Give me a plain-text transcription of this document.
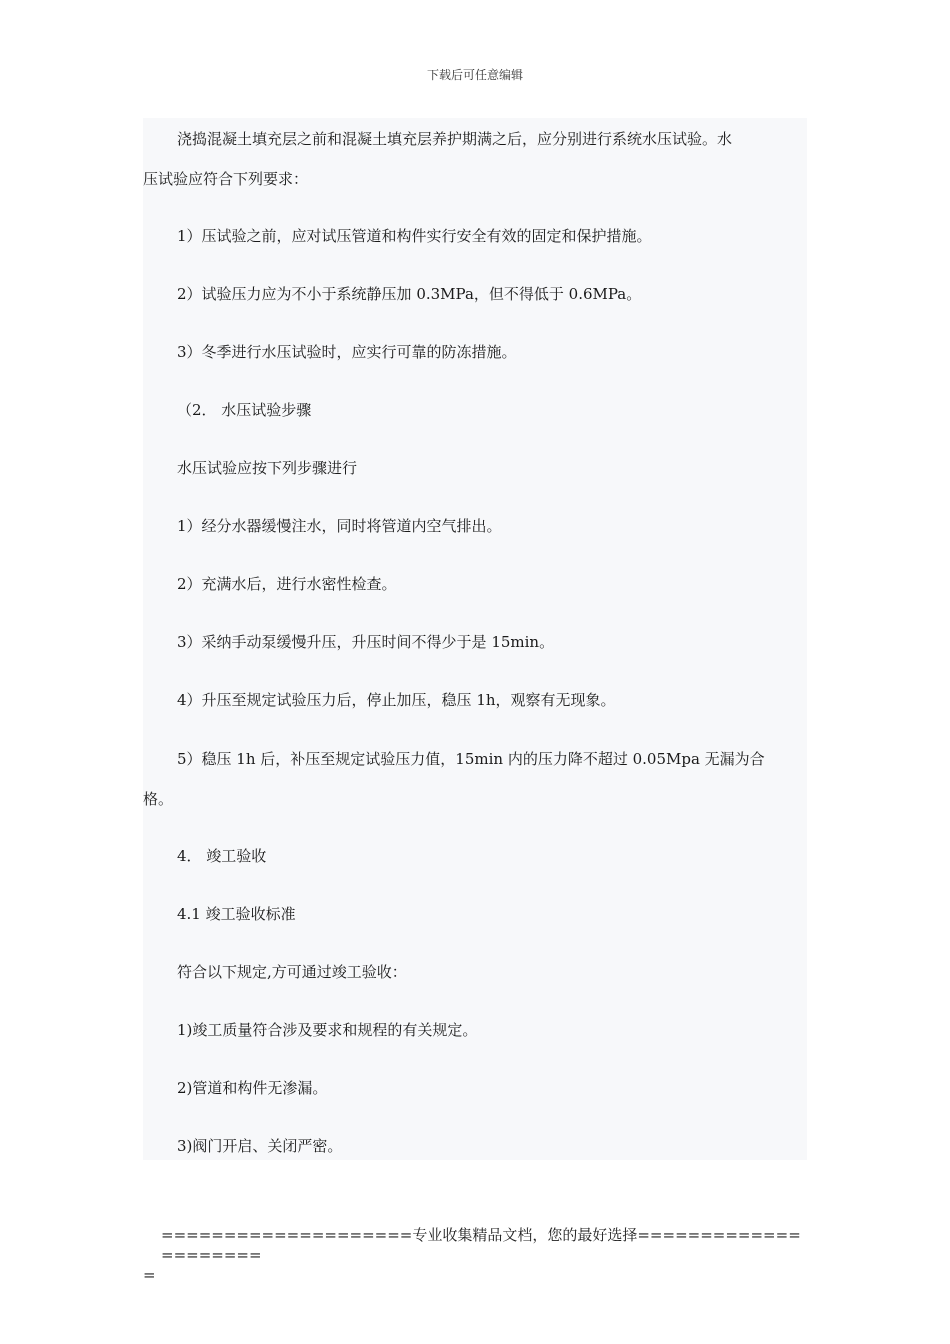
下载后可任意编辑
浇捣混凝土填充层之前和混凝土填充层养护期满之后，应分别进行系统水压试验。水
压试验应符合下列要求：
1）压试验之前，应对试压管道和构件实行安全有效的固定和保护措施。
2）试验压力应为不小于系统静压加 0.3MPa，但不得低于 0.6MPa。
3）冬季进行水压试验时，应实行可靠的防冻措施。
（2． 水压试验步骤
水压试验应按下列步骤进行
1）经分水器缓慢注水，同时将管道内空气排出。
2）充满水后，进行水密性检查。
3）采纳手动泵缓慢升压，升压时间不得少于是 15min。
4）升压至规定试验压力后，停止加压，稳压 1h，观察有无现象。
5）稳压 1h 后，补压至规定试验压力值，15min 内的压力降不超过 0.05Mpa 无漏为合
格。
4． 竣工验收
4.1 竣工验收标准
符合以下规定,方可通过竣工验收：
1)竣工质量符合涉及要求和规程的有关规定。
2)管道和构件无渗漏。
3)阀门开启、关闭严密。
====================专业收集精品文档，您的最好选择=====================
=
